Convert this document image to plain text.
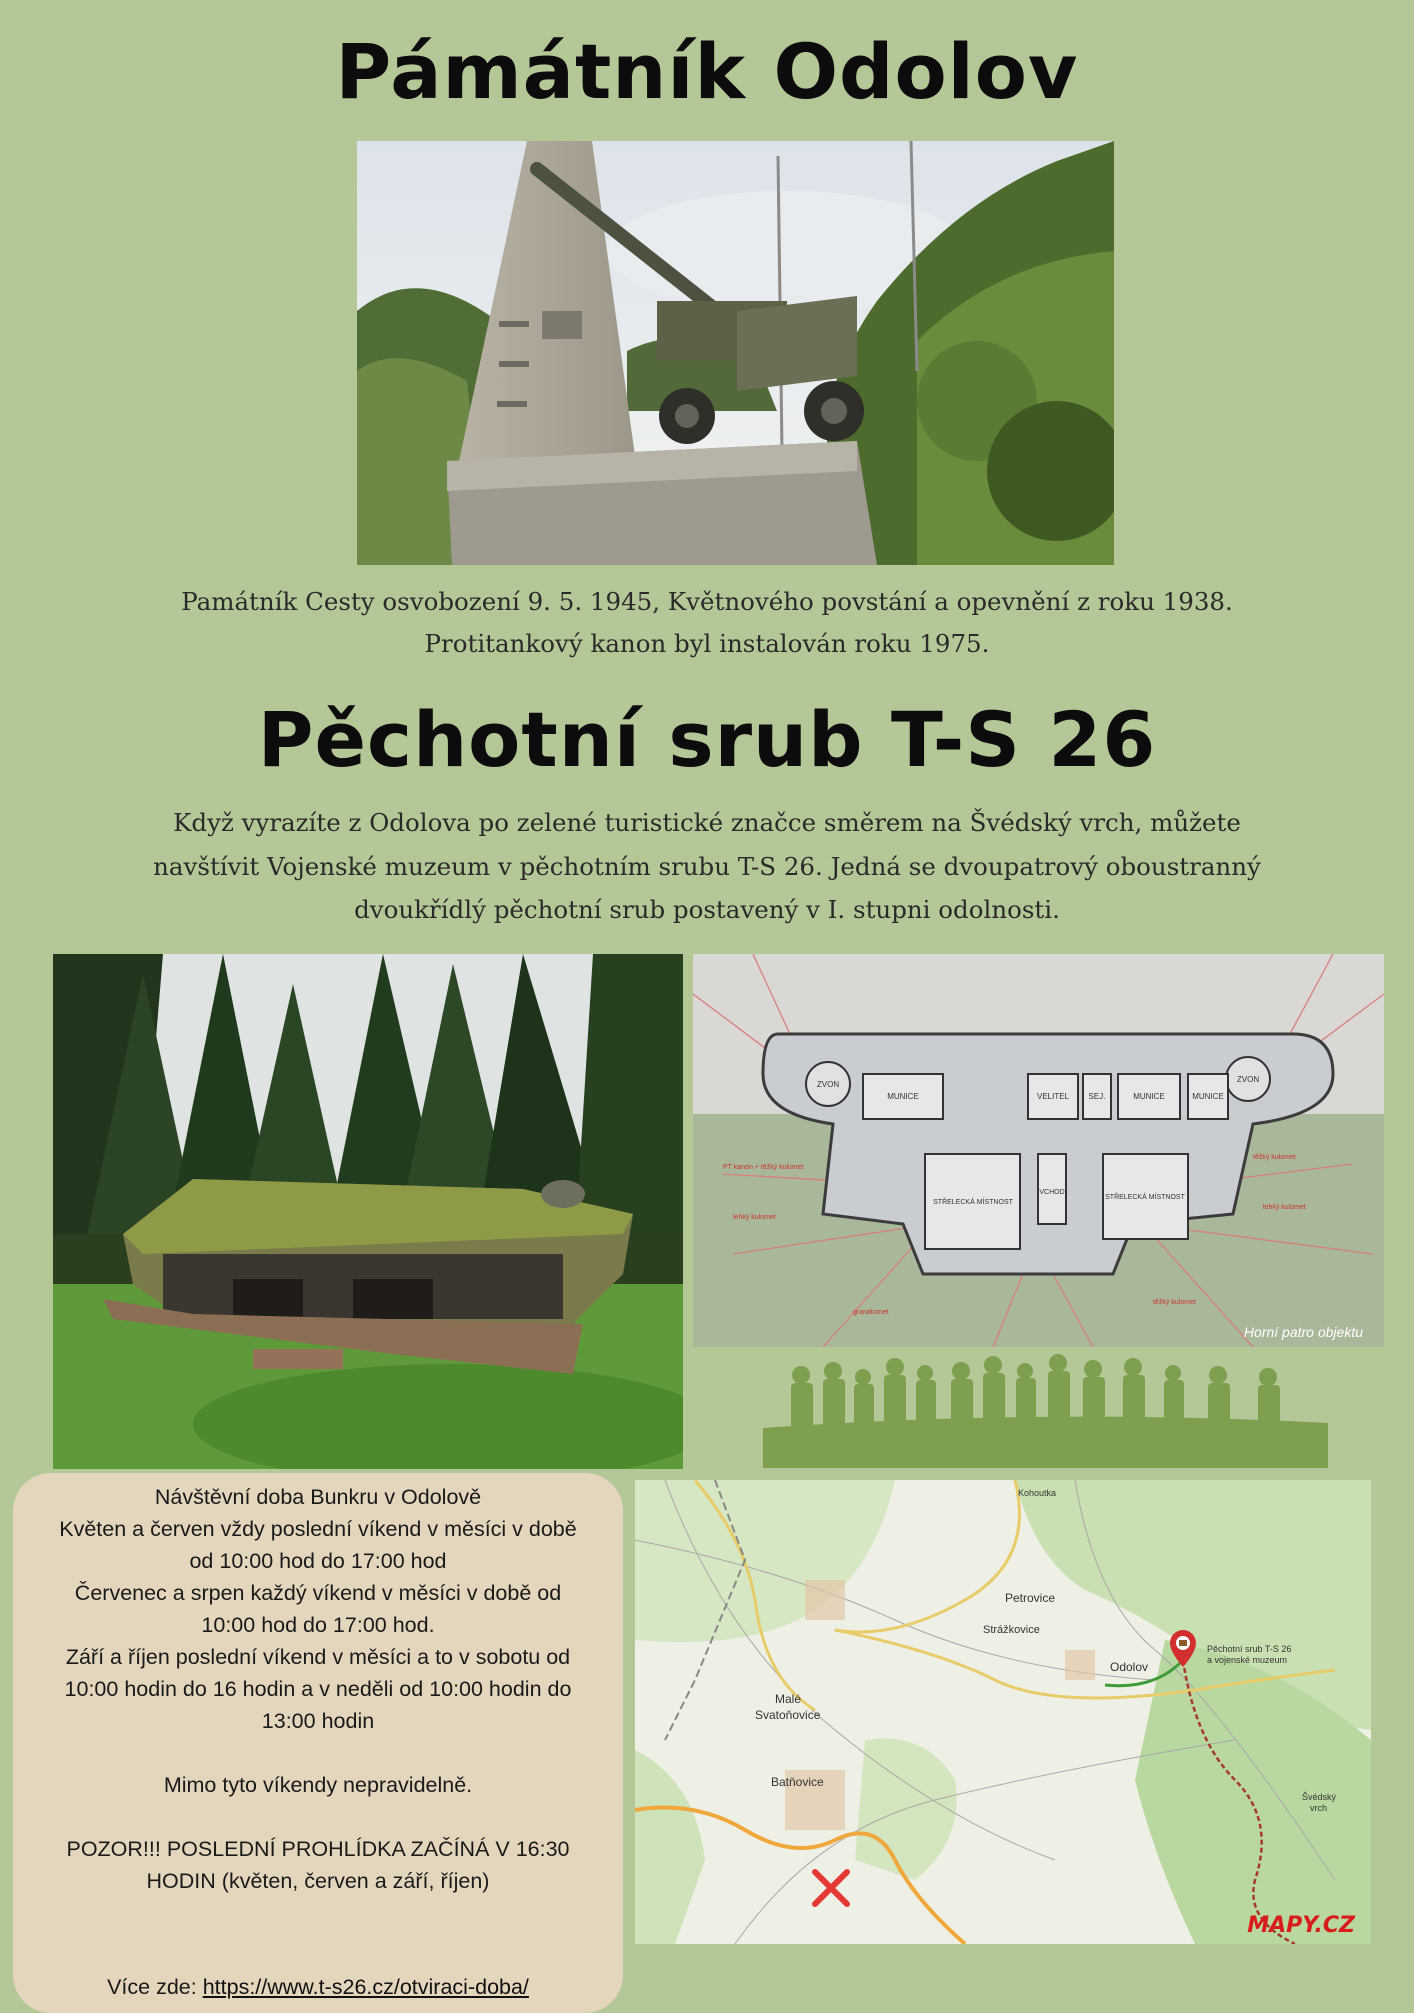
Pámátník Odolov
Památník Cesty osvobození 9. 5. 1945, Květnového povstání a opevnění z roku 1938.
Protitankový kanon byl instalován roku 1975.
Pěchotní srub T-S 26
Když vyrazíte z Odolova po zelené turistické značce směrem na Švédský vrch, můžete
navštívit Vojenské muzeum v pěchotním srubu T-S 26. Jedná se dvoupatrový oboustranný
dvoukřídlý pěchotní srub postavený v I. stupni odolnosti.
ZVON
MUNICE	VELITEL SEJ.	MUNICE	MUNICE
ZVON
STŘELECKÁ MÍSTNOST
STŘELECKÁ MÍSTNOST
VCHOD
PT kanón + těžký kulomet
lehký kulomet
těžký kulomet
lehký kulomet
granátomet
těžký kulomet
Horní patro objektu

Návštěvní doba Bunkru v Odolově

Květen a červen vždy poslední víkend v měsíci v době

od 10:00 hod do 17:00 hod

Červenec a srpen každý víkend v měsíci v době od

10:00 hod do 17:00 hod.

Září a říjen poslední víkend v měsíci a to v sobotu od

10:00 hodin do 16 hodin a v neděli od 10:00 hodin do

13:00 hodin

Mimo tyto víkendy nepravidelně.

POZOR!!! POSLEDNÍ PROHLÍDKA ZAČÍNÁ V 16:30

HODIN (květen, červen a září, říjen)

Více zde: https://www.t-s26.cz/otviraci-doba/

Kohoutka
Petrovice
Strážkovice
Odolov
Malé
Svatoňovice
Batňovice
Švédský
vrch
Pěchotní srub T-S 26
a vojenské muzeum
MAPY.CZ
